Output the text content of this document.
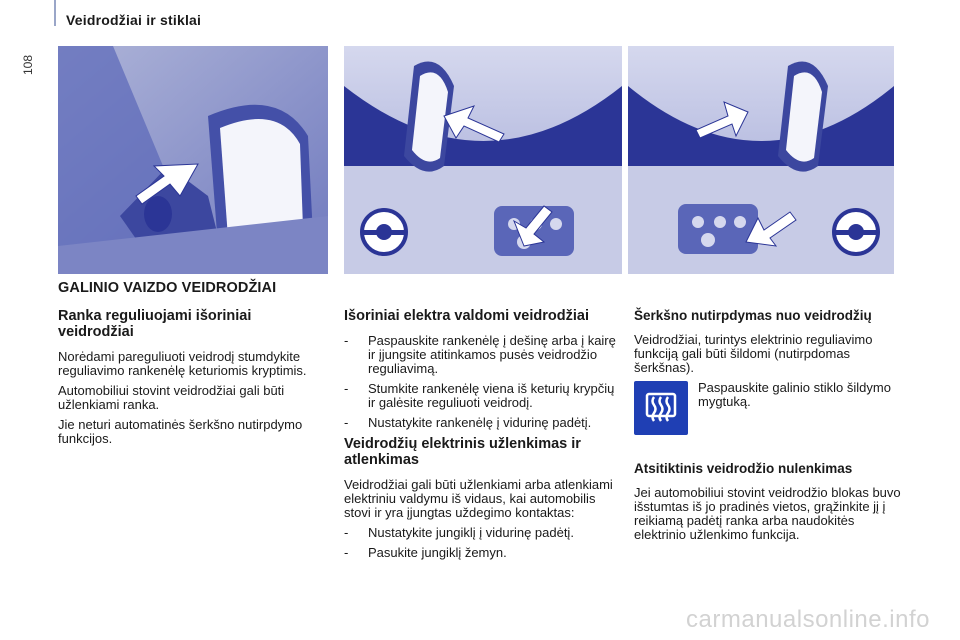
108
Veidrodžiai ir stiklai
GALINIO VAIZDO VEIDRODŽIAI
Ranka reguliuojami išoriniai veidrodžiai

Norėdami pareguliuoti veidrodį stumdykite reguliavimo rankenėlę keturiomis kryptimis.

Automobiliui stovint veidrodžiai gali būti užlenkiami ranka.

Jie neturi automatinės šerkšno nutirpdymo funkcijos.

Išoriniai elektra valdomi veidrodžiai
- Paspauskite rankenėlę į dešinę arba į kairę ir įjungsite atitinkamos pusės veidrodžio reguliavimą.
- Stumkite rankenėlę viena iš keturių krypčių ir galėsite reguliuoti veidrodį.
- Nustatykite rankenėlę į vidurinę padėtį.
Veidrodžių elektrinis užlenkimas ir atlenkimas

Veidrodžiai gali būti užlenkiami arba atlenkiami elektriniu valdymu iš vidaus, kai automobilis stovi ir yra įjungtas uždegimo kontaktas:

- Nustatykite jungiklį į vidurinę padėtį.
- Pasukite jungiklį žemyn.
Šerkšno nutirpdymas nuo veidrodžių

Veidrodžiai, turintys elektrinio reguliavimo funkciją gali būti šildomi (nutirpdomas šerkšnas).

Paspauskite galinio stiklo šildymo mygtuką.

Atsitiktinis veidrodžio nulenkimas

Jei automobiliui stovint veidrodžio blokas buvo išstumtas iš jo pradinės vietos, grąžinkite jį į reikiamą padėtį ranka arba naudokitės elektrinio užlenkimo funkcija.

carmanualsonline.info
